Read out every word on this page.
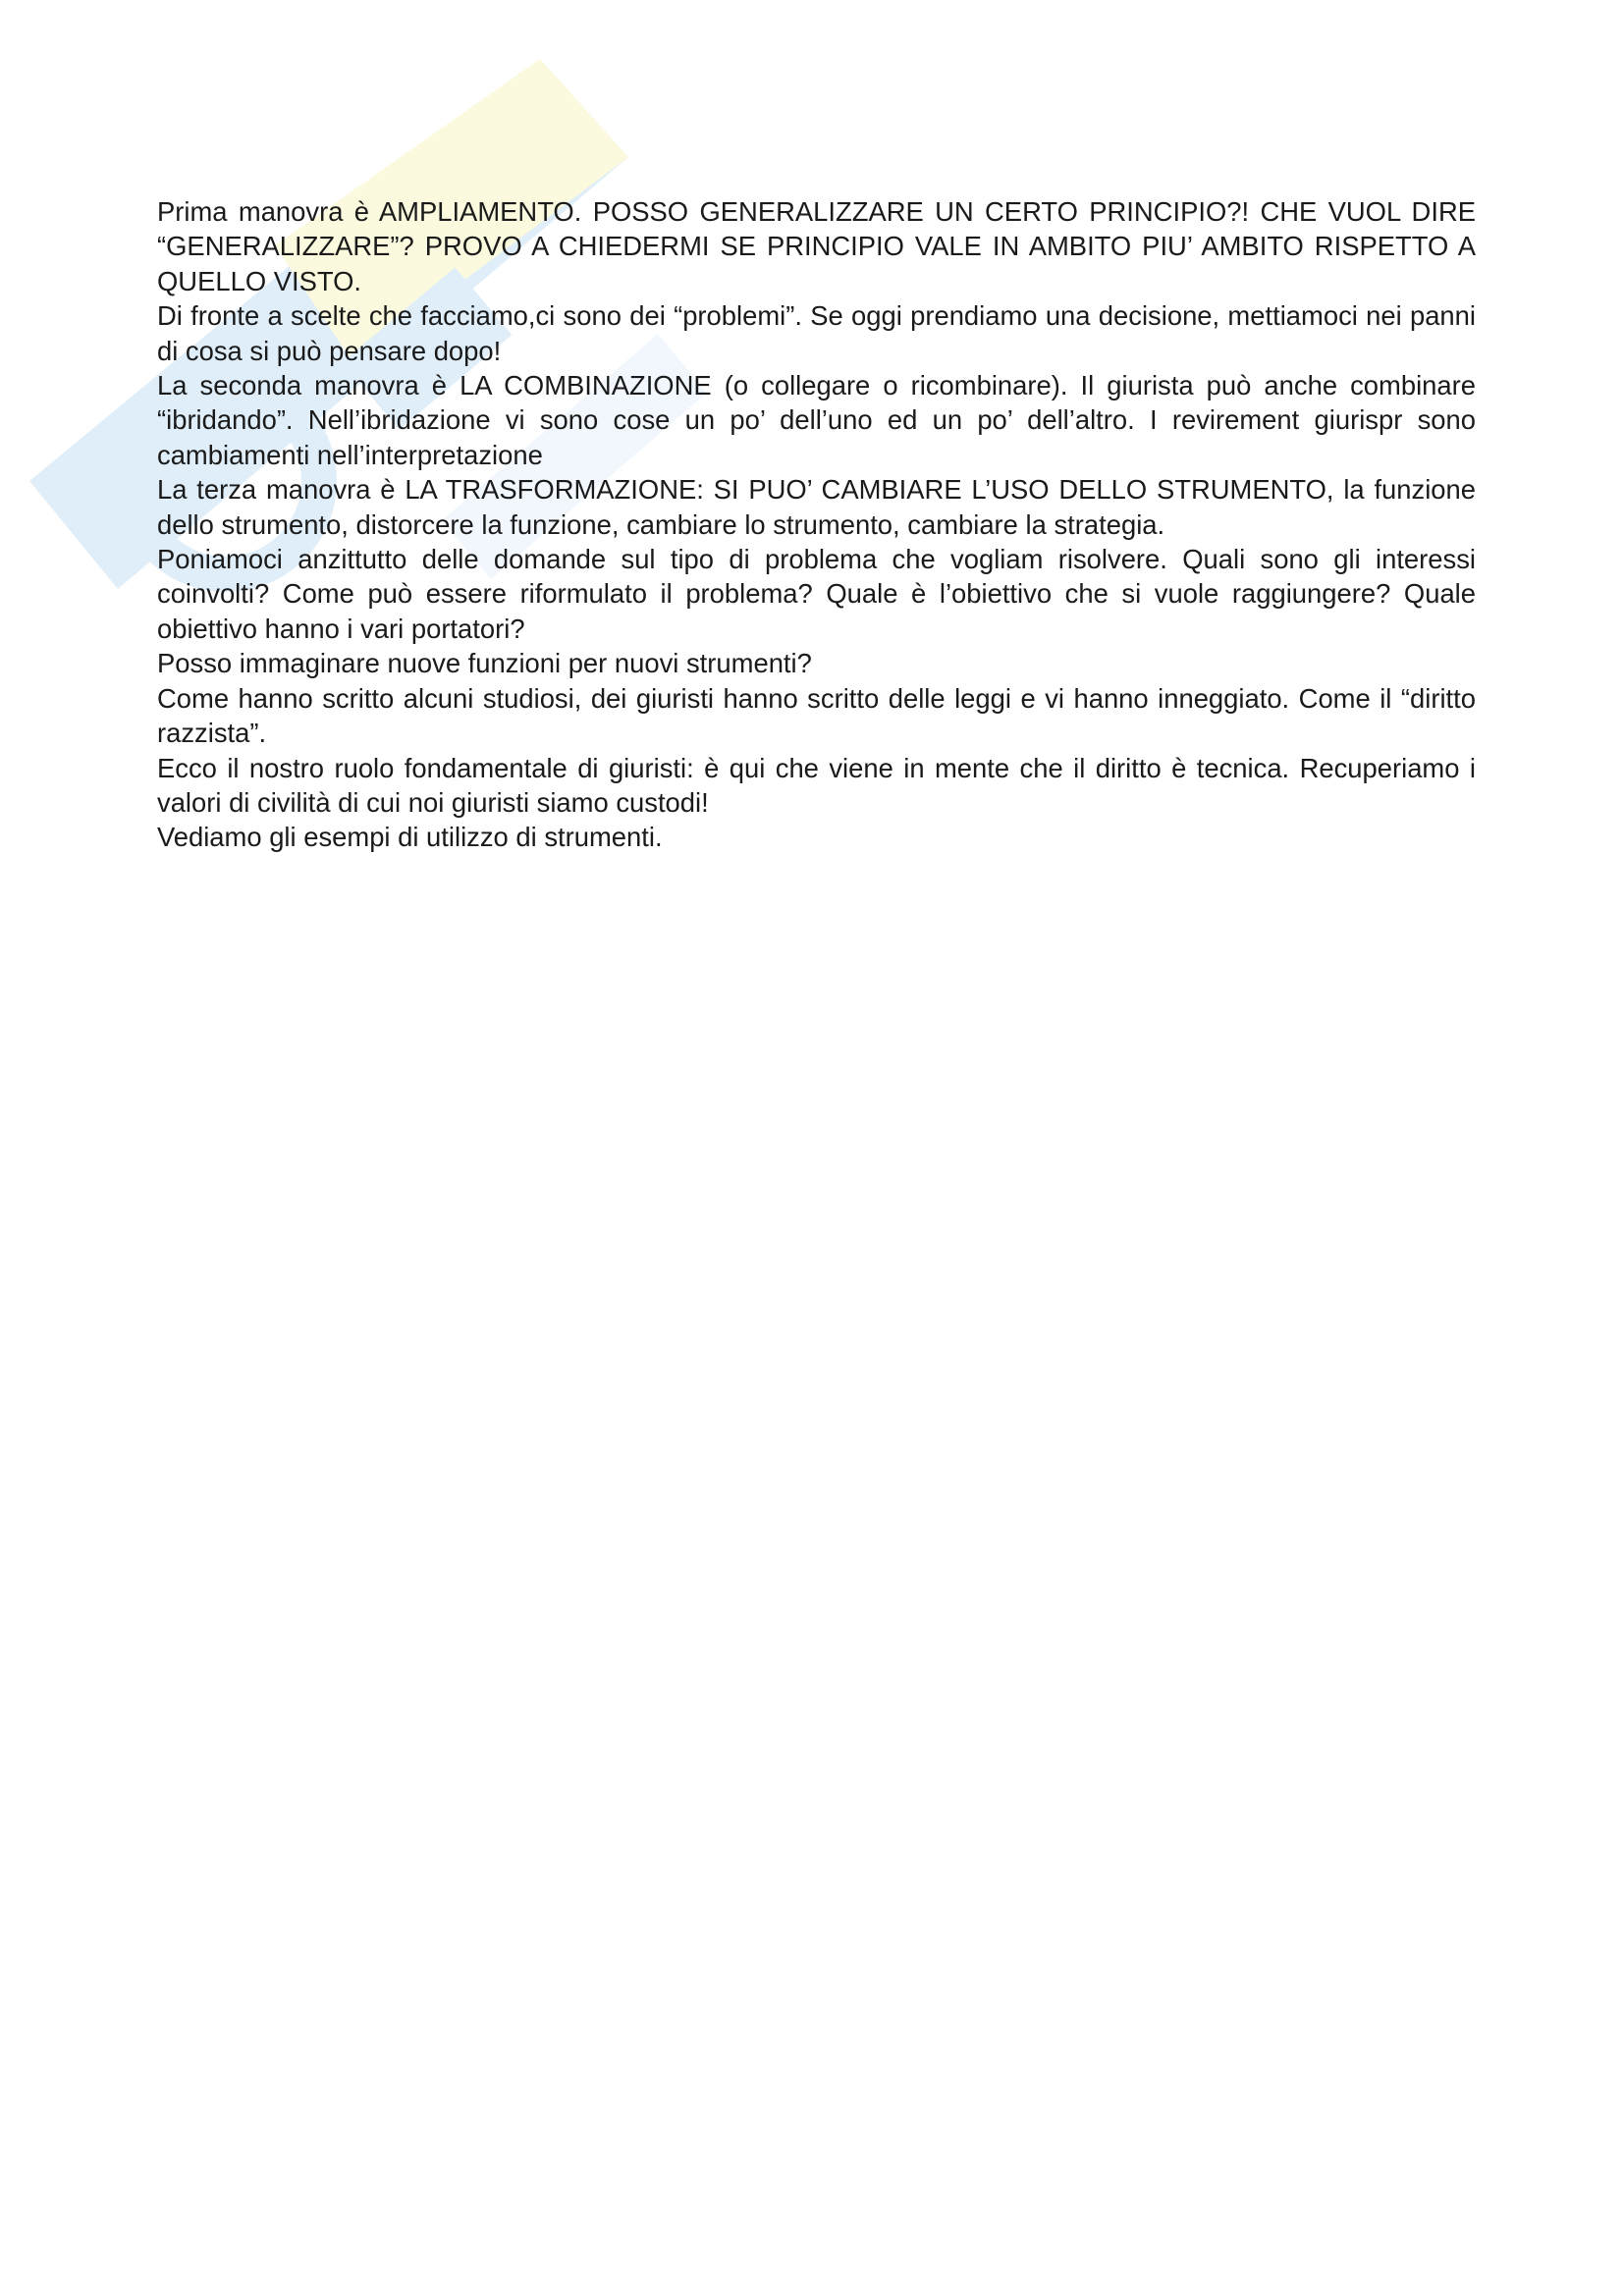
Prima manovra è AMPLIAMENTO. POSSO GENERALIZZARE UN CERTO PRINCIPIO?! CHE VUOL DIRE “GENERALIZZARE”? PROVO A CHIEDERMI SE PRINCIPIO VALE IN AMBITO PIU’ AMBITO RISPETTO A QUELLO VISTO.

Di fronte a scelte che facciamo,ci sono dei “problemi”. Se oggi prendiamo una decisione, mettiamoci nei panni di cosa si può pensare dopo!

La seconda manovra è LA COMBINAZIONE (o collegare o ricombinare). Il giurista può anche combinare “ibridando”. Nell’ibridazione vi sono cose un po’ dell’uno ed un po’ dell’altro. I revirement giurispr sono cambiamenti nell’interpretazione

La terza manovra è LA TRASFORMAZIONE: SI PUO’ CAMBIARE L’USO DELLO STRUMENTO, la funzione dello strumento, distorcere la funzione, cambiare lo strumento, cambiare la strategia.

Poniamoci anzittutto delle domande sul tipo di problema che vogliam risolvere. Quali sono gli interessi coinvolti? Come può essere riformulato il problema? Quale è l’obiettivo che si vuole raggiungere? Quale obiettivo hanno i vari portatori?

Posso immaginare nuove funzioni per nuovi strumenti?

Come hanno scritto alcuni studiosi, dei giuristi hanno scritto delle leggi e vi hanno inneggiato. Come il “diritto razzista”.

Ecco il nostro ruolo fondamentale di giuristi: è qui che viene in mente che il diritto è tecnica. Recuperiamo i valori di civilità di cui noi giuristi siamo custodi!

Vediamo gli esempi di utilizzo di strumenti.
